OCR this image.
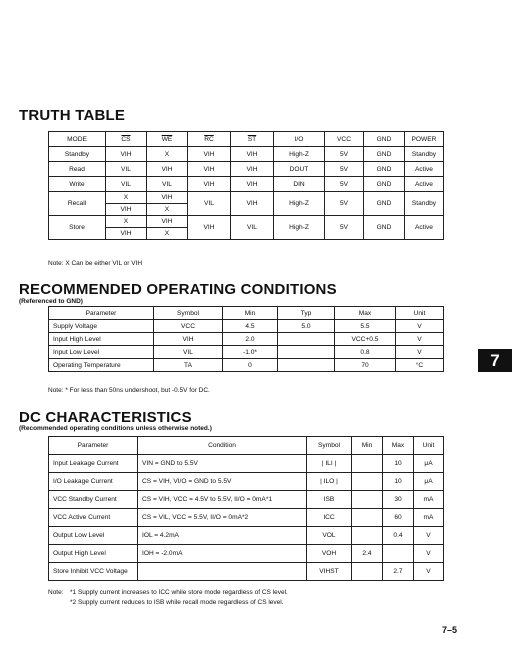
TRUTH TABLE
MODE	$\overline{CS}$	$\overline{WE}$	$\overline{RC}$	$\overline{ST}$	I/O	VCC	GND	POWER
Standby	VIH	X	VIH	VIH	High-Z	5V	GND	Standby
Read	VIL	VIH	VIH	VIH	DOUT	5V	GND	Active
Write	VIL	VIL	VIH	VIH	DIN	5V	GND	Active
Recall	X	VIH	VIL	VIH	High-Z	5V	GND	Standby
	VIH	X						
Store	X	VIH	VIH	VIL	High-Z	5V	GND	Active
	VIH	X						
Note: X Can be either VIL or VIH
RECOMMENDED OPERATING CONDITIONS
(Referenced to GND)
Parameter	Symbol	Min	Typ	Max	Unit
Supply Voltage	VCC	4.5	5.0	5.5	V
Input High Level	VIH	2.0		VCC+0.5	V
Input Low Level	VIL	-1.0*		0.8	V
Operating Temperature	TA	0		70	°C
Note: * For less than 50ns undershoot, but -0.5V for DC.
7
DC CHARACTERISTICS
(Recommended operating conditions unless otherwise noted.)
Parameter	Condition	Symbol	Min	Max	Unit
Input Leakage Current	VIN = GND to 5.5V	| ILI |		10	μA
I/O Leakage Current	CS = VIH, VI/O = GND to 5.5V	| ILO |		10	μA
VCC Standby Current	CS = VIH, VCC = 4.5V to 5.5V, II/O = 0mA*1	ISB		30	mA
VCC Active Current	CS = VIL, VCC = 5.5V, II/O = 0mA*2	ICC		60	mA
Output Low Level	IOL = 4.2mA	VOL		0.4	V
Output High Level	IOH = -2.0mA	VOH	2.4		V
Store Inhibit VCC Voltage		VIHST		2.7	V
Note: *1 Supply current increases to ICC while store mode regardless of CS level.
*2 Supply current reduces to ISB while recall mode regardless of CS level.
7–5
